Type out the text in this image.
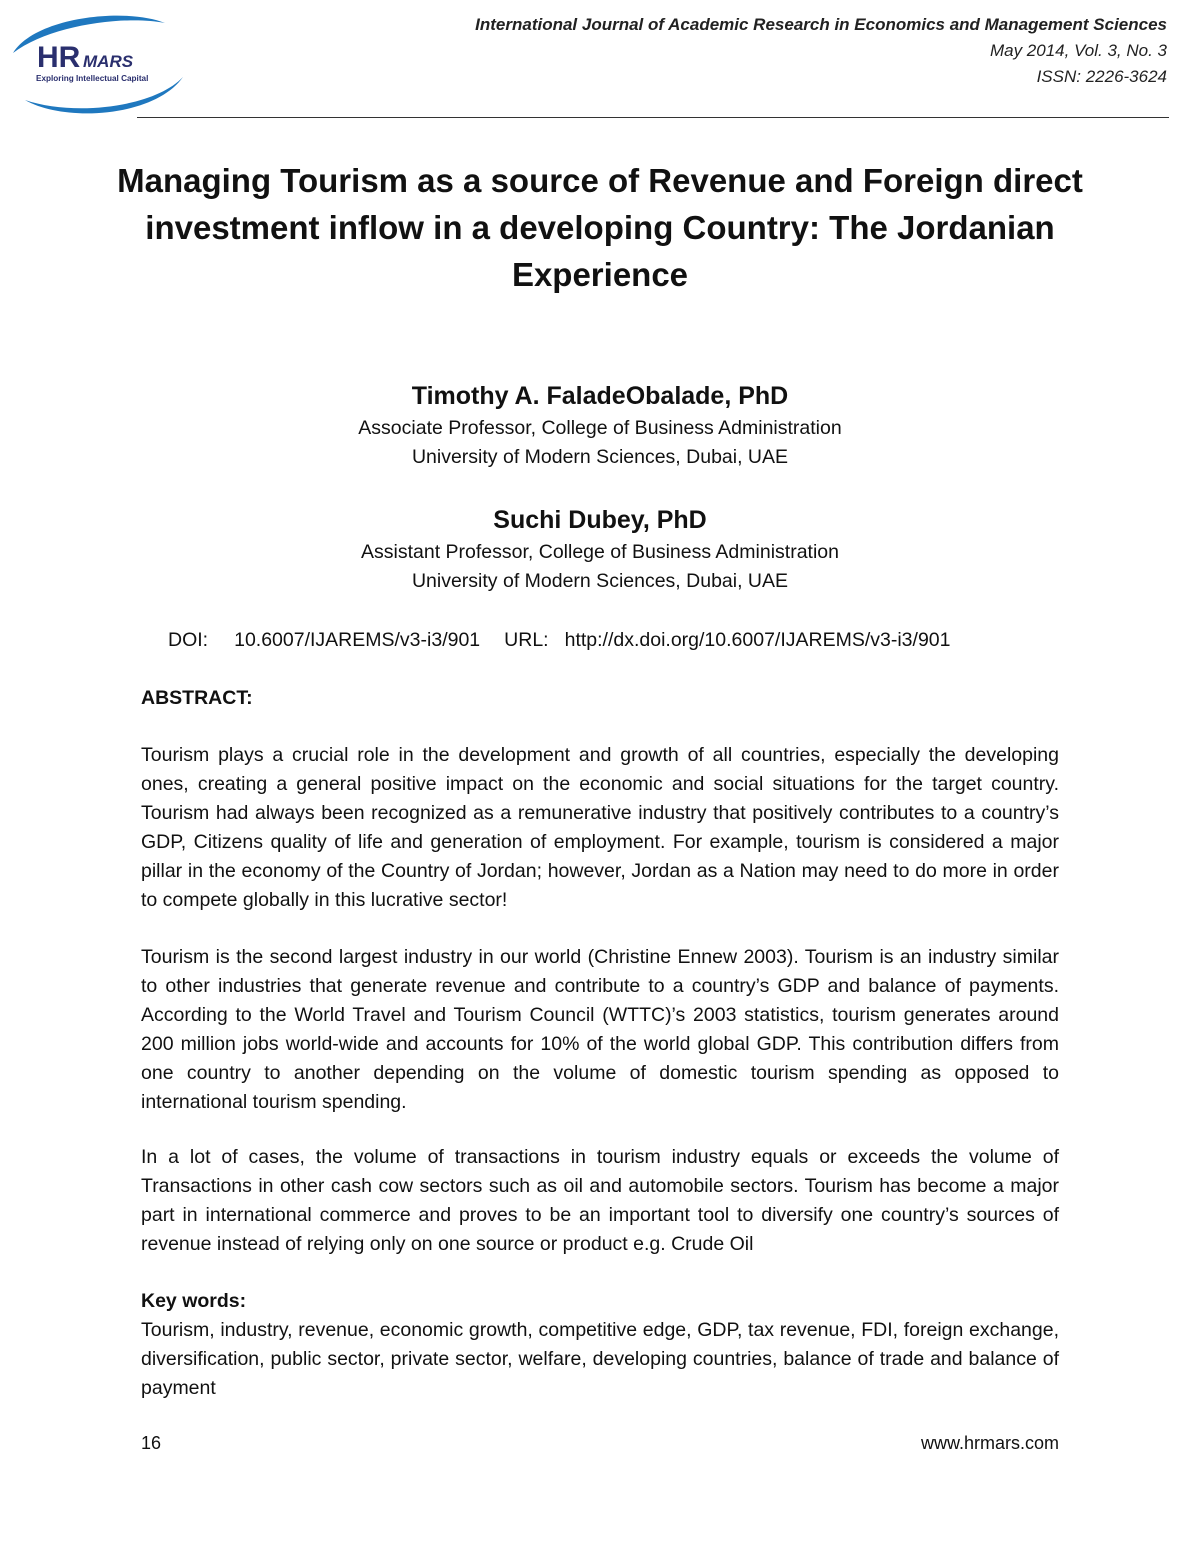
HR MARS
Exploring Intellectual Capital
International Journal of Academic Research in Economics and Management Sciences
May 2014, Vol. 3, No. 3
ISSN: 2226-3624
Managing Tourism as a source of Revenue and Foreign direct investment inflow in a developing Country: The Jordanian Experience
Timothy A. FaladeObalade, PhD
Associate Professor, College of Business Administration
University of Modern Sciences, Dubai, UAE
Suchi Dubey, PhD
Assistant Professor, College of Business Administration
University of Modern Sciences, Dubai, UAE
DOI: 10.6007/IJAREMS/v3-i3/901 URL: http://dx.doi.org/10.6007/IJAREMS/v3-i3/901
ABSTRACT:

Tourism plays a crucial role in the development and growth of all countries, especially the developing ones, creating a general positive impact on the economic and social situations for the target country. Tourism had always been recognized as a remunerative industry that positively contributes to a country’s GDP, Citizens quality of life and generation of employment. For example, tourism is considered a major pillar in the economy of the Country of Jordan; however, Jordan as a Nation may need to do more in order to compete globally in this lucrative sector!

Tourism is the second largest industry in our world (Christine Ennew 2003). Tourism is an industry similar to other industries that generate revenue and contribute to a country’s GDP and balance of payments. According to the World Travel and Tourism Council (WTTC)’s 2003 statistics, tourism generates around 200 million jobs world-wide and accounts for 10% of the world global GDP. This contribution differs from one country to another depending on the volume of domestic tourism spending as opposed to international tourism spending.

In a lot of cases, the volume of transactions in tourism industry equals or exceeds the volume of Transactions in other cash cow sectors such as oil and automobile sectors. Tourism has become a major part in international commerce and proves to be an important tool to diversify one country’s sources of revenue instead of relying only on one source or product e.g. Crude Oil

Key words:

Tourism, industry, revenue, economic growth, competitive edge, GDP, tax revenue, FDI, foreign exchange, diversification, public sector, private sector, welfare, developing countries, balance of trade and balance of payment

16	www.hrmars.com
